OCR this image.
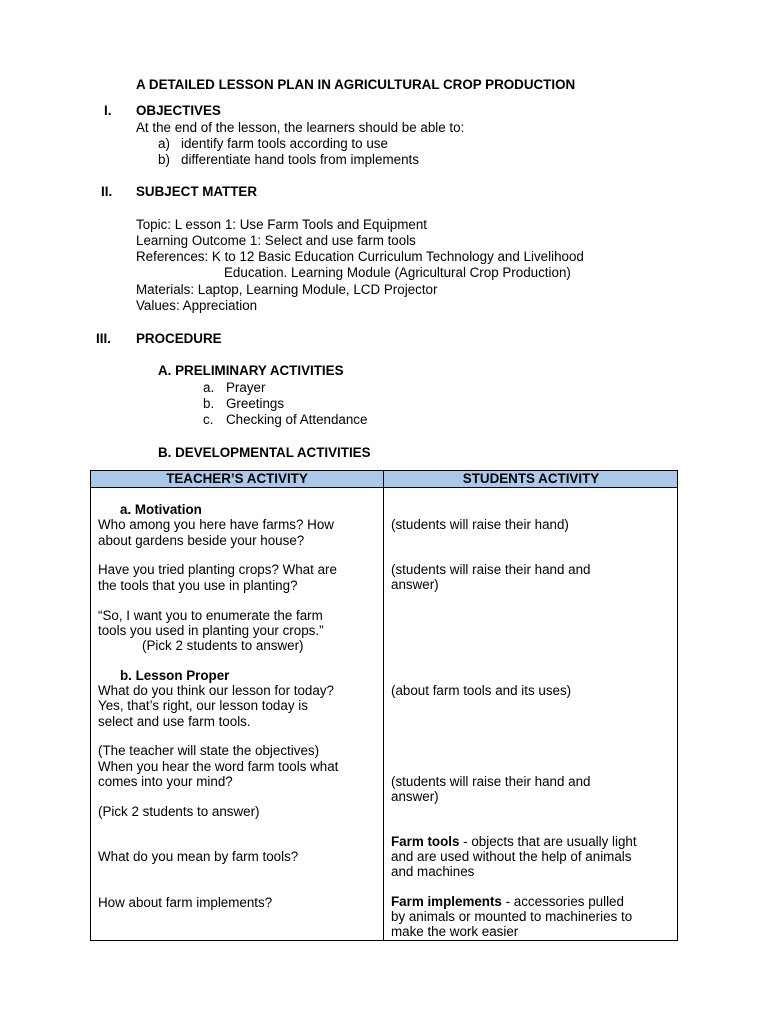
A DETAILED LESSON PLAN IN AGRICULTURAL CROP PRODUCTION
I. OBJECTIVES
At the end of the lesson, the learners should be able to:
a) identify farm tools according to use
b) differentiate hand tools from implements
II. SUBJECT MATTER
Topic: L esson 1: Use Farm Tools and Equipment
Learning Outcome 1: Select and use farm tools
References: K to 12 Basic Education Curriculum Technology and Livelihood
Education. Learning Module (Agricultural Crop Production)
Materials: Laptop, Learning Module, LCD Projector
Values: Appreciation
III. PROCEDURE
A. PRELIMINARY ACTIVITIES
a. Prayer
b. Greetings
c. Checking of Attendance
B. DEVELOPMENTAL ACTIVITIES
TEACHER’S ACTIVITY	STUDENTS ACTIVITY
a. Motivation
Who among you here have farms? How
about gardens beside your house?
Have you tried planting crops? What are
the tools that you use in planting?
“So, I want you to enumerate the farm
tools you used in planting your crops.”
(Pick 2 students to answer)
b. Lesson Proper
What do you think our lesson for today?
Yes, that’s right, our lesson today is
select and use farm tools.
(The teacher will state the objectives)
When you hear the word farm tools what
comes into your mind?
(Pick 2 students to answer)
What do you mean by farm tools?
How about farm implements?
(students will raise their hand)
(students will raise their hand and
answer)
(about farm tools and its uses)
(students will raise their hand and
answer)
Farm tools - objects that are usually light
and are used without the help of animals
and machines
Farm implements - accessories pulled
by animals or mounted to machineries to
make the work easier
